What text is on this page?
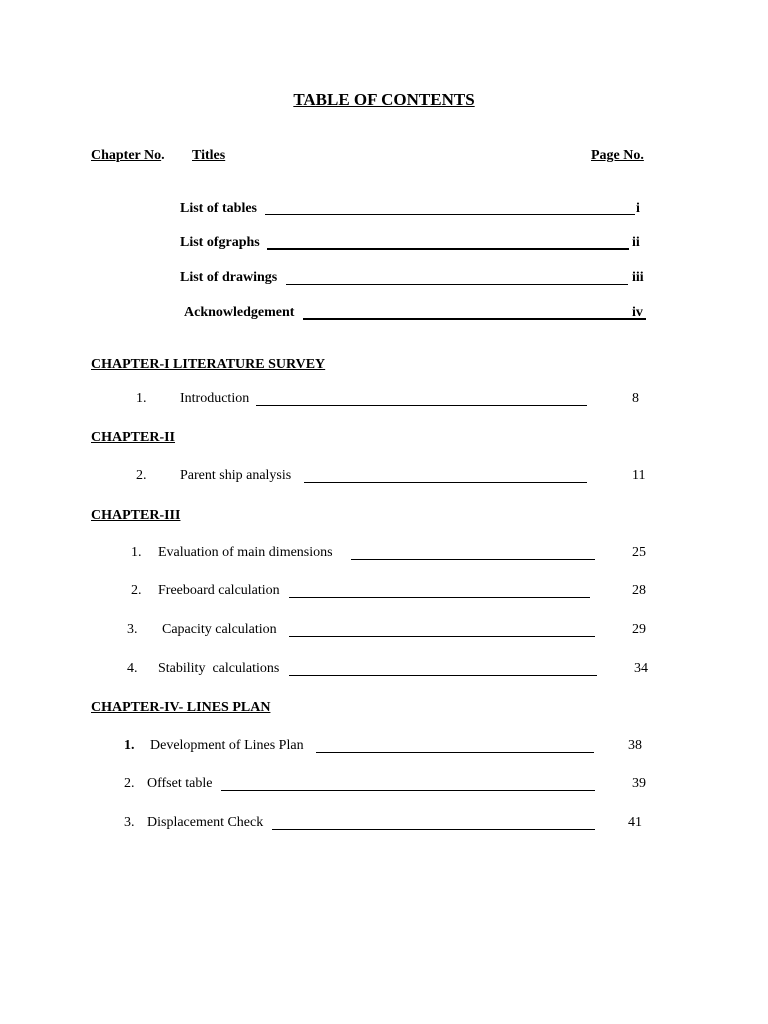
TABLE OF CONTENTS
Chapter No. Titles	Page No.
List of tables	i
List ofgraphs	ii
List of drawings	iii
Acknowledgement	iv
CHAPTER-I LITERATURE SURVEY
1. Introduction	8
CHAPTER-II
2. Parent ship analysis	11
CHAPTER-III
1. Evaluation of main dimensions	25
2. Freeboard calculation	28
3. Capacity calculation	29
4. Stability  calculations	34
CHAPTER-IV- LINES PLAN
1. Development of Lines Plan	38
2. Offset table	39
3. Displacement Check	41
